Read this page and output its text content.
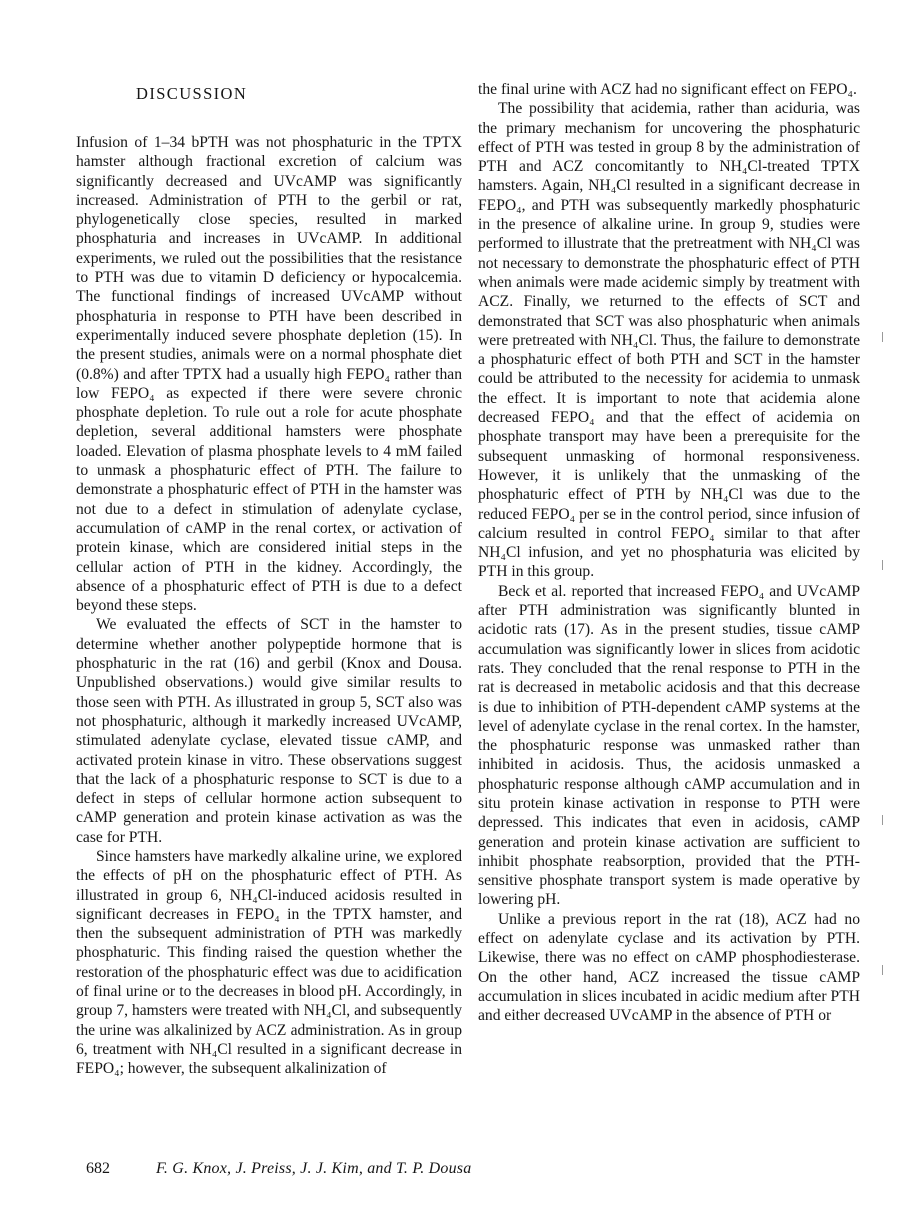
DISCUSSION

Infusion of 1–34 bPTH was not phosphaturic in the TPTX hamster although fractional excretion of calcium was significantly decreased and UVcAMP was significantly increased. Administration of PTH to the gerbil or rat, phylogenetically close species, resulted in marked phosphaturia and increases in UVcAMP. In additional experiments, we ruled out the possibilities that the resistance to PTH was due to vitamin D deficiency or hypocalcemia. The functional findings of increased UVcAMP without phosphaturia in response to PTH have been described in experimentally induced severe phosphate depletion (15). In the present studies, animals were on a normal phosphate diet (0.8%) and after TPTX had a usually high FEPO₄ rather than low FEPO₄ as expected if there were severe chronic phosphate depletion. To rule out a role for acute phosphate depletion, several additional hamsters were phosphate loaded. Elevation of plasma phosphate levels to 4 mM failed to unmask a phosphaturic effect of PTH. The failure to demonstrate a phosphaturic effect of PTH in the hamster was not due to a defect in stimulation of adenylate cyclase, accumulation of cAMP in the renal cortex, or activation of protein kinase, which are considered initial steps in the cellular action of PTH in the kidney. Accordingly, the absence of a phosphaturic effect of PTH is due to a defect beyond these steps.

We evaluated the effects of SCT in the hamster to determine whether another polypeptide hormone that is phosphaturic in the rat (16) and gerbil (Knox and Dousa. Unpublished observations.) would give similar results to those seen with PTH. As illustrated in group 5, SCT also was not phosphaturic, although it markedly increased UVcAMP, stimulated adenylate cyclase, elevated tissue cAMP, and activated protein kinase in vitro. These observations suggest that the lack of a phosphaturic response to SCT is due to a defect in steps of cellular hormone action subsequent to cAMP generation and protein kinase activation as was the case for PTH.

Since hamsters have markedly alkaline urine, we explored the effects of pH on the phosphaturic effect of PTH. As illustrated in group 6, NH₄Cl-induced acidosis resulted in significant decreases in FEPO₄ in the TPTX hamster, and then the subsequent administration of PTH was markedly phosphaturic. This finding raised the question whether the restoration of the phosphaturic effect was due to acidification of final urine or to the decreases in blood pH. Accordingly, in group 7, hamsters were treated with NH₄Cl, and subsequently the urine was alkalinized by ACZ administration. As in group 6, treatment with NH₄Cl resulted in a significant decrease in FEPO₄; however, the subsequent alkalinization of

the final urine with ACZ had no significant effect on FEPO₄.

The possibility that acidemia, rather than aciduria, was the primary mechanism for uncovering the phosphaturic effect of PTH was tested in group 8 by the administration of PTH and ACZ concomitantly to NH₄Cl-treated TPTX hamsters. Again, NH₄Cl resulted in a significant decrease in FEPO₄, and PTH was subsequently markedly phosphaturic in the presence of alkaline urine. In group 9, studies were performed to illustrate that the pretreatment with NH₄Cl was not necessary to demonstrate the phosphaturic effect of PTH when animals were made acidemic simply by treatment with ACZ. Finally, we returned to the effects of SCT and demonstrated that SCT was also phosphaturic when animals were pretreated with NH₄Cl. Thus, the failure to demonstrate a phosphaturic effect of both PTH and SCT in the hamster could be attributed to the necessity for acidemia to unmask the effect. It is important to note that acidemia alone decreased FEPO₄ and that the effect of acidemia on phosphate transport may have been a prerequisite for the subsequent unmasking of hormonal responsiveness. However, it is unlikely that the unmasking of the phosphaturic effect of PTH by NH₄Cl was due to the reduced FEPO₄ per se in the control period, since infusion of calcium resulted in control FEPO₄ similar to that after NH₄Cl infusion, and yet no phosphaturia was elicited by PTH in this group.

Beck et al. reported that increased FEPO₄ and UVcAMP after PTH administration was significantly blunted in acidotic rats (17). As in the present studies, tissue cAMP accumulation was significantly lower in slices from acidotic rats. They concluded that the renal response to PTH in the rat is decreased in metabolic acidosis and that this decrease is due to inhibition of PTH-dependent cAMP systems at the level of adenylate cyclase in the renal cortex. In the hamster, the phosphaturic response was unmasked rather than inhibited in acidosis. Thus, the acidosis unmasked a phosphaturic response although cAMP accumulation and in situ protein kinase activation in response to PTH were depressed. This indicates that even in acidosis, cAMP generation and protein kinase activation are sufficient to inhibit phosphate reabsorption, provided that the PTH-sensitive phosphate transport system is made operative by lowering pH.

Unlike a previous report in the rat (18), ACZ had no effect on adenylate cyclase and its activation by PTH. Likewise, there was no effect on cAMP phosphodiesterase. On the other hand, ACZ increased the tissue cAMP accumulation in slices incubated in acidic medium after PTH and either decreased UVcAMP in the absence of PTH or

682	F. G. Knox, J. Preiss, J. J. Kim, and T. P. Dousa
